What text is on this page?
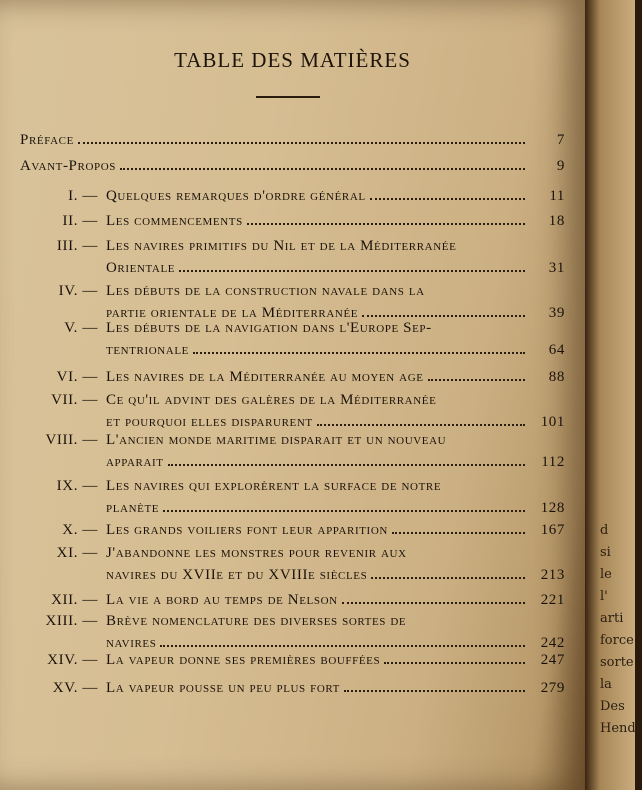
TABLE DES MATIÈRES
Préface	7
Avant-Propos	9
I. — Quelques remarques d'ordre général	11
II. — Les commencements	18
III. — Les navires primitifs du Nil et de la Méditerranée
Orientale	31
IV. — Les débuts de la construction navale dans la
partie orientale de la Méditerranée	39
V. — Les débuts de la navigation dans l'Europe Sep-
tentrionale	64
VI. — Les navires de la Méditerranée au moyen age	88
VII. — Ce qu'il advint des galères de la Méditerranée
et pourquoi elles disparurent	101
VIII. — L'ancien monde maritime disparait et un nouveau
apparait	112
IX. — Les navires qui explorèrent la surface de notre
planète	128
X. — Les grands voiliers font leur apparition	167
XI. — J'abandonne les monstres pour revenir aux
navires du XVIIe et du XVIIIe siècles	213
XII. — La vie a bord au temps de Nelson	221
XIII. — Brève nomenclature des diverses sortes de
navires	242
XIV. — La vapeur donne ses premières bouffées	247
XV. — La vapeur pousse un peu plus fort	279
d
si
le
l'
arti
force
sorte
la
Des
Hendr
